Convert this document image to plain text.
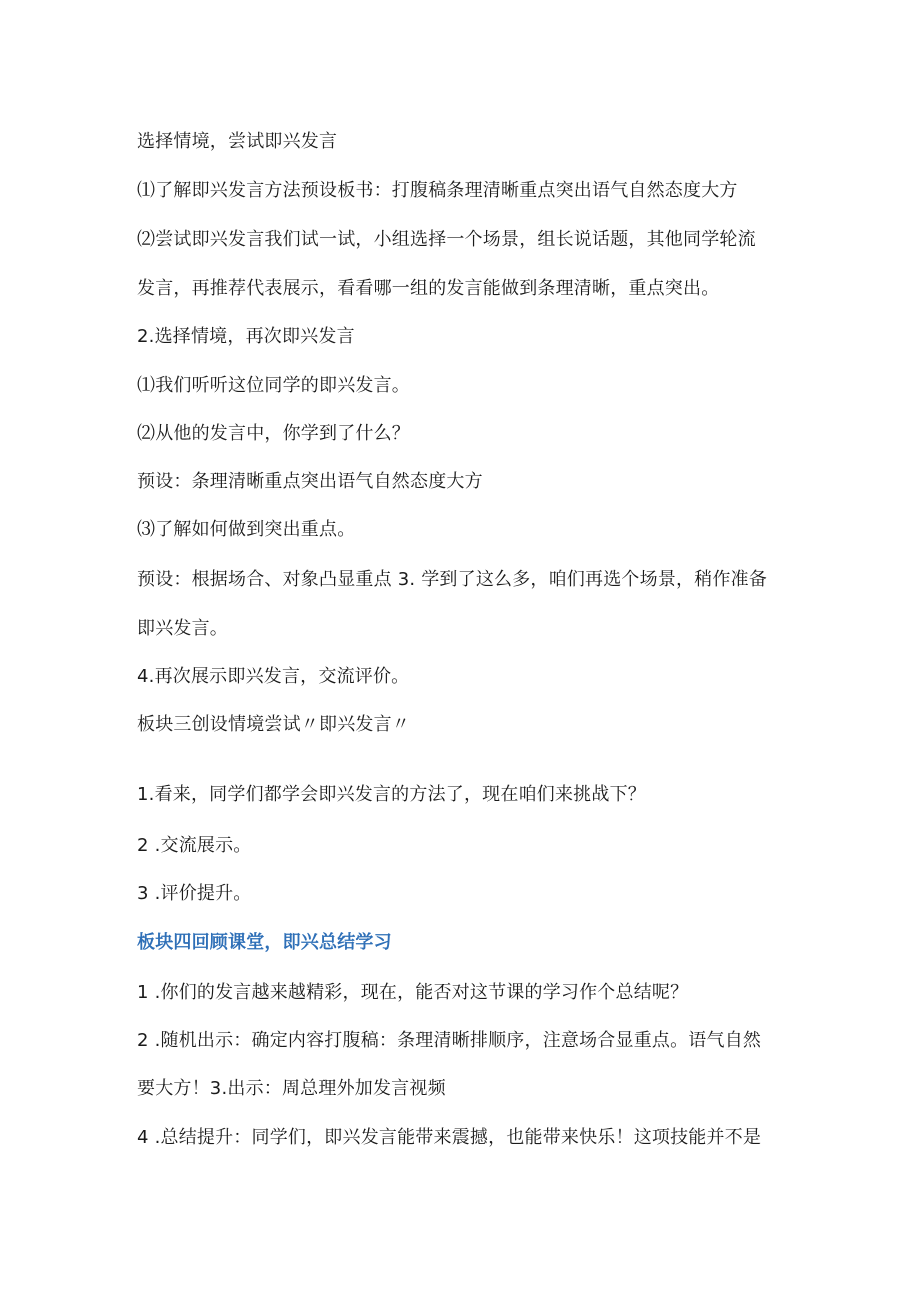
选择情境，尝试即兴发言
⑴了解即兴发言方法预设板书：打腹稿条理清晰重点突出语气自然态度大方
⑵尝试即兴发言我们试一试，小组选择一个场景，组长说话题，其他同学轮流
发言，再推荐代表展示，看看哪一组的发言能做到条理清晰，重点突出。
2.选择情境，再次即兴发言
⑴我们听听这位同学的即兴发言。
⑵从他的发言中，你学到了什么？
预设：条理清晰重点突出语气自然态度大方
⑶了解如何做到突出重点。
预设：根据场合、对象凸显重点 3. 学到了这么多，咱们再选个场景，稍作准备
即兴发言。
4.再次展示即兴发言，交流评价。
板块三创设情境尝试〃即兴发言〃
1.看来，同学们都学会即兴发言的方法了，现在咱们来挑战下？
2 .交流展示。
3 .评价提升。
板块四回顾课堂，即兴总结学习
1 .你们的发言越来越精彩，现在，能否对这节课的学习作个总结呢？
2 .随机出示：确定内容打腹稿：条理清晰排顺序，注意场合显重点。语气自然
要大方！3.出示：周总理外加发言视频
4 .总结提升：同学们，即兴发言能带来震撼，也能带来快乐！这项技能并不是
